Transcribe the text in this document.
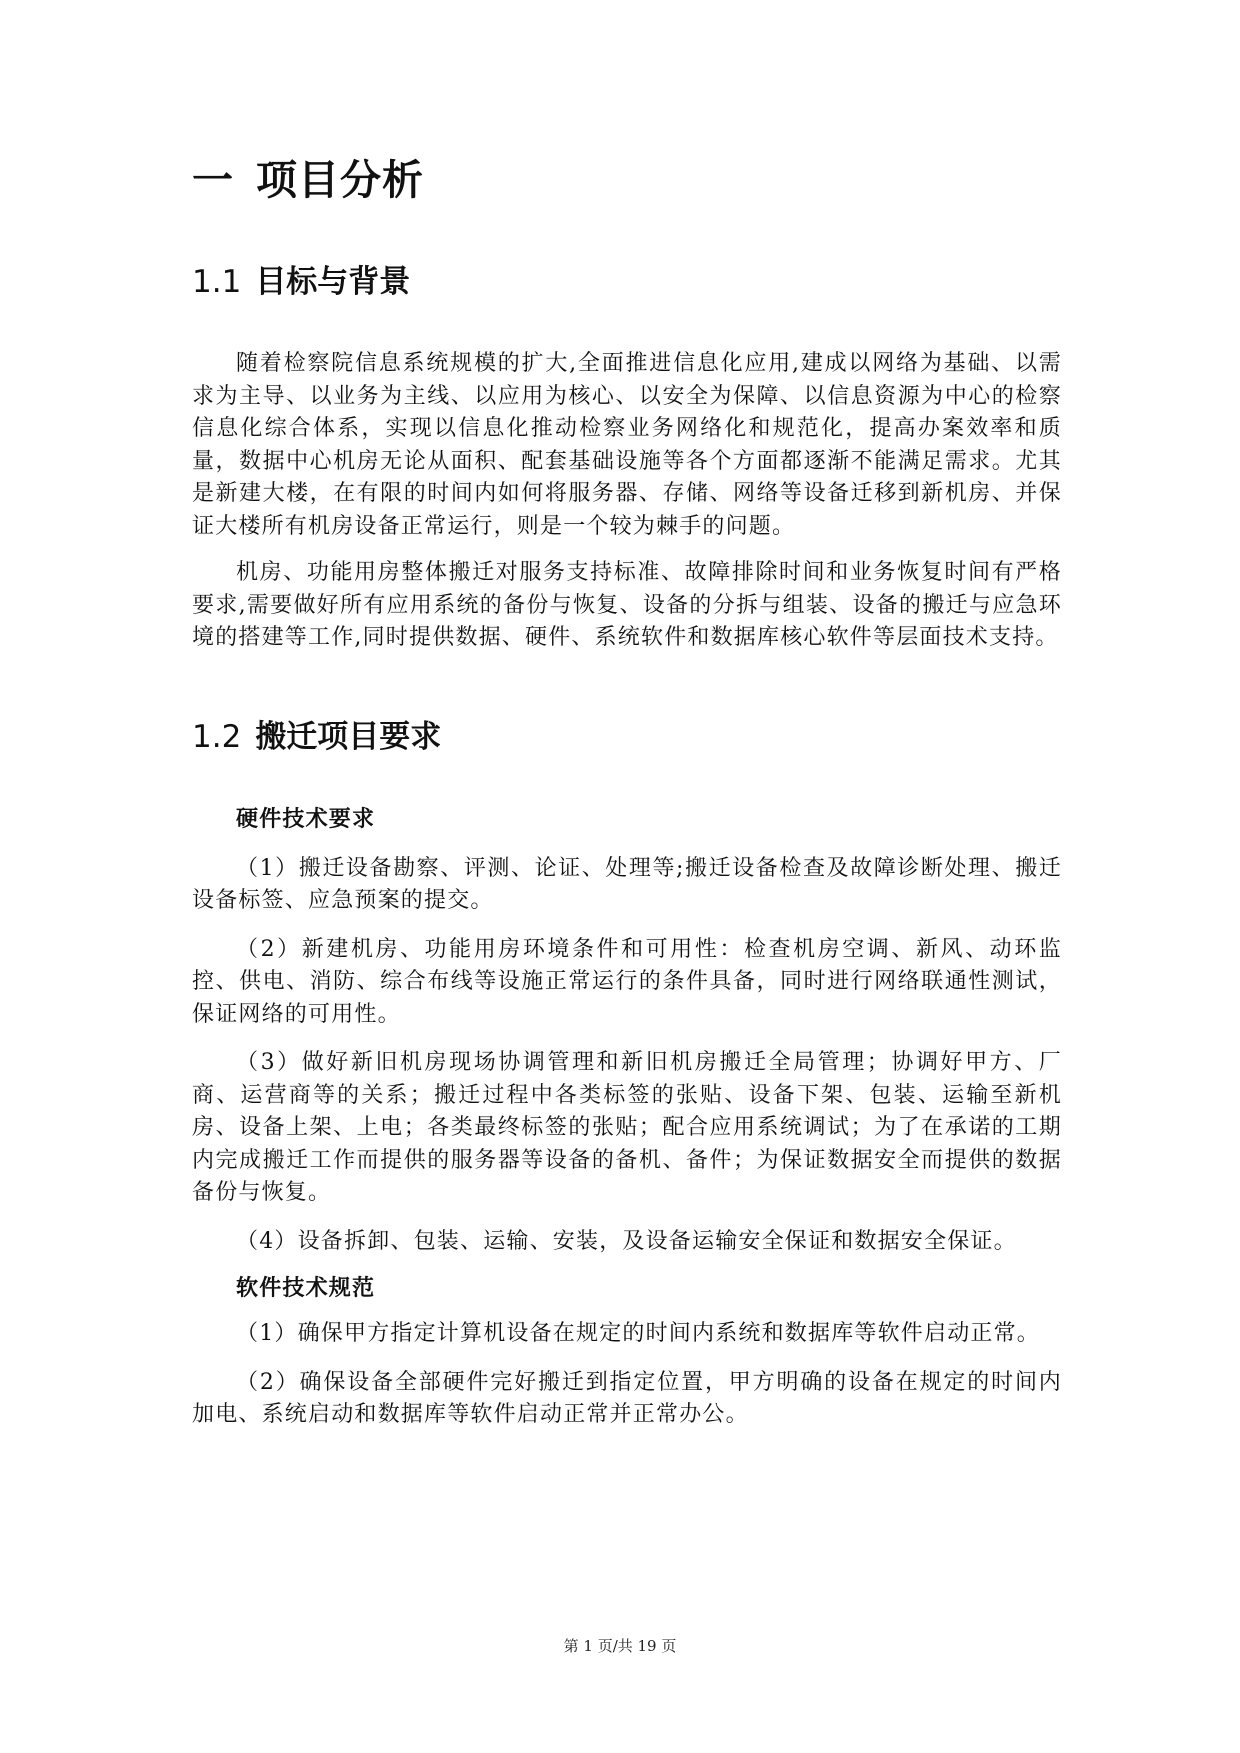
一 项目分析
1.1 目标与背景

随着检察院信息系统规模的扩大,全面推进信息化应用,建成以网络为基础、以需求为主导、以业务为主线、以应用为核心、以安全为保障、以信息资源为中心的检察信息化综合体系，实现以信息化推动检察业务网络化和规范化，提高办案效率和质量，数据中心机房无论从面积、配套基础设施等各个方面都逐渐不能满足需求。尤其是新建大楼，在有限的时间内如何将服务器、存储、网络等设备迁移到新机房、并保证大楼所有机房设备正常运行，则是一个较为棘手的问题。

机房、功能用房整体搬迁对服务支持标准、故障排除时间和业务恢复时间有严格要求,需要做好所有应用系统的备份与恢复、设备的分拆与组装、设备的搬迁与应急环境的搭建等工作,同时提供数据、硬件、系统软件和数据库核心软件等层面技术支持。

1.2 搬迁项目要求

硬件技术要求

（1）搬迁设备勘察、评测、论证、处理等;搬迁设备检查及故障诊断处理、搬迁设备标签、应急预案的提交。

（2）新建机房、功能用房环境条件和可用性：检查机房空调、新风、动环监控、供电、消防、综合布线等设施正常运行的条件具备，同时进行网络联通性测试，保证网络的可用性。

（3）做好新旧机房现场协调管理和新旧机房搬迁全局管理；协调好甲方、厂商、运营商等的关系；搬迁过程中各类标签的张贴、设备下架、包装、运输至新机房、设备上架、上电；各类最终标签的张贴；配合应用系统调试；为了在承诺的工期内完成搬迁工作而提供的服务器等设备的备机、备件；为保证数据安全而提供的数据备份与恢复。

（4）设备拆卸、包装、运输、安装，及设备运输安全保证和数据安全保证。

软件技术规范

（1）确保甲方指定计算机设备在规定的时间内系统和数据库等软件启动正常。

（2）确保设备全部硬件完好搬迁到指定位置，甲方明确的设备在规定的时间内加电、系统启动和数据库等软件启动正常并正常办公。

第 1 页/共 19 页
